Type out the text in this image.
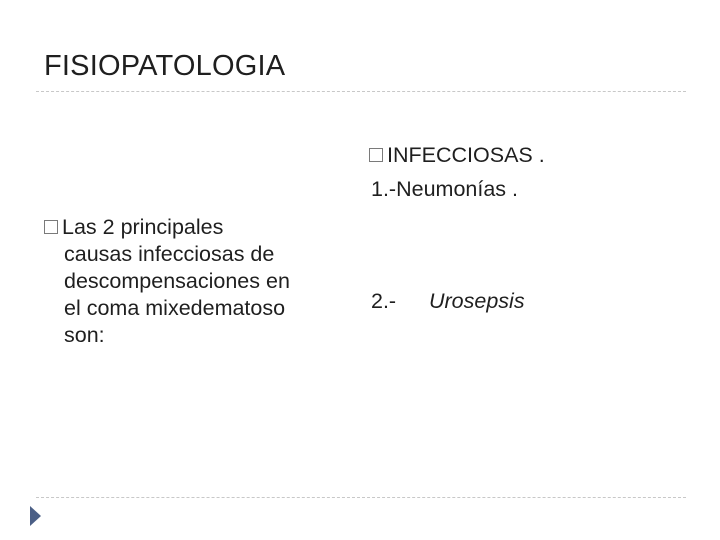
FISIOPATOLOGIA
INFECCIOSAS .
1.-Neumonías .
2.- Urosepsis
Las 2 principales
causas infecciosas de
descompensaciones en
el coma mixedematoso
son:
